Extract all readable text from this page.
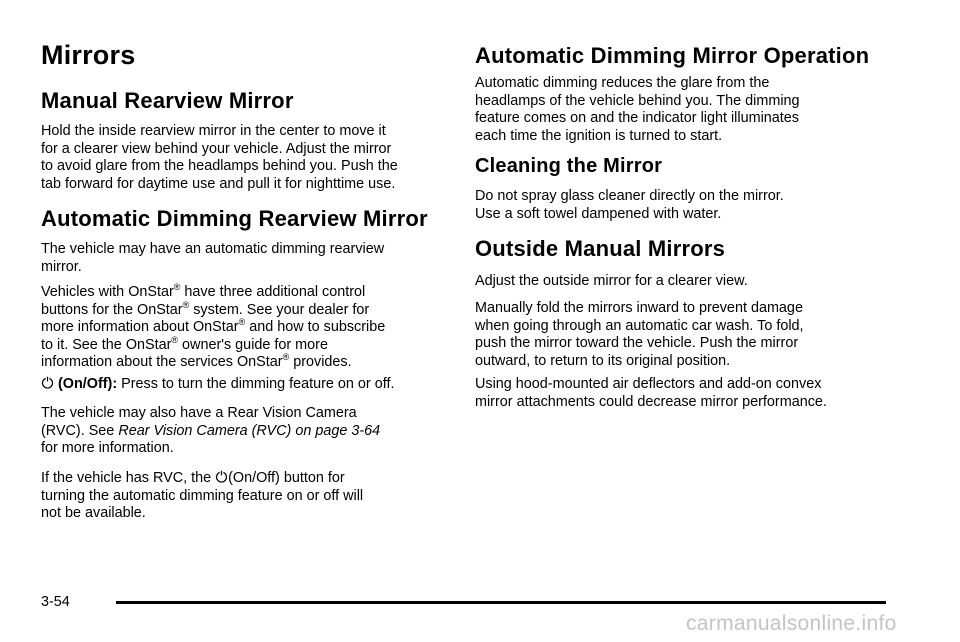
Mirrors
Manual Rearview Mirror

Hold the inside rearview mirror in the center to move it
for a clearer view behind your vehicle. Adjust the mirror
to avoid glare from the headlamps behind you. Push the
tab forward for daytime use and pull it for nighttime use.

Automatic Dimming Rearview Mirror

The vehicle may have an automatic dimming rearview
mirror.

Vehicles with OnStar® have three additional control
buttons for the OnStar® system. See your dealer for
more information about OnStar® and how to subscribe
to it. See the OnStar® owner's guide for more
information about the services OnStar® provides.

(On/Off): Press to turn the dimming feature on or off.

The vehicle may also have a Rear Vision Camera
(RVC). See Rear Vision Camera (RVC) on page 3-64
for more information.

If the vehicle has RVC, the (On/Off) button for
turning the automatic dimming feature on or off will
not be available.

Automatic Dimming Mirror Operation

Automatic dimming reduces the glare from the
headlamps of the vehicle behind you. The dimming
feature comes on and the indicator light illuminates
each time the ignition is turned to start.

Cleaning the Mirror

Do not spray glass cleaner directly on the mirror.
Use a soft towel dampened with water.

Outside Manual Mirrors

Adjust the outside mirror for a clearer view.

Manually fold the mirrors inward to prevent damage
when going through an automatic car wash. To fold,
push the mirror toward the vehicle. Push the mirror
outward, to return to its original position.

Using hood-mounted air deflectors and add-on convex
mirror attachments could decrease mirror performance.

3-54
carmanualsonline.info
